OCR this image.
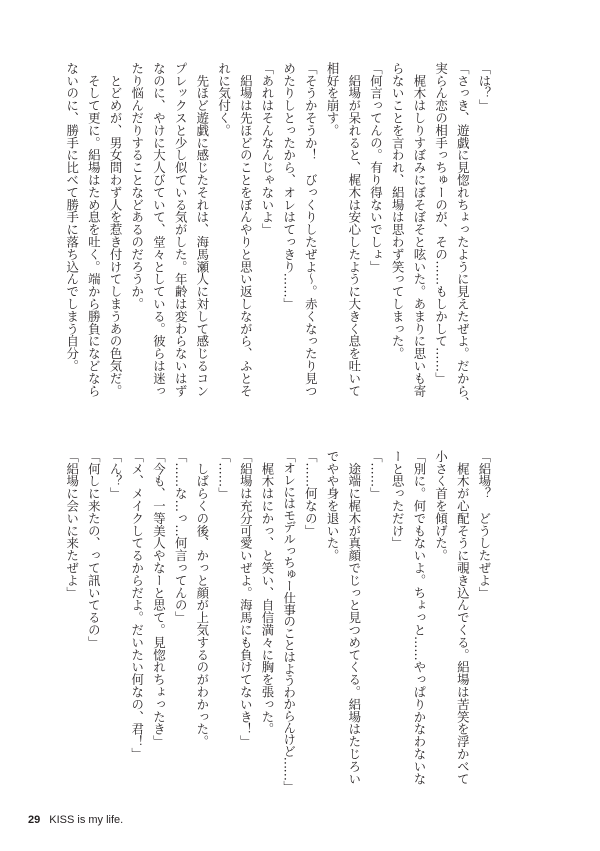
「は？」

「さっき、遊戯に見惚れちょったように見えたぜよ。だから、

実らん恋の相手っちゅーのが、その……もしかして……」

　梶木はしりすぼみにぼそぼそと呟いた。あまりに思いも寄

らないことを言われ、絽場は思わず笑ってしまった。

「何言ってんの。有り得ないでしょ」

　絽場が呆れると、梶木は安心したように大きく息を吐いて

相好を崩す。

「そうかそうか！　びっくりしたぜよ～。赤くなったり見つ

めたりしとったから、オレはてっきり……」

「あれはそんなんじゃないよ」

　絽場は先ほどのことをぼんやりと思い返しながら、ふとそ

れに気付く。

　先ほど遊戯に感じたそれは、海馬瀬人に対して感じるコン

プレックスと少し似ている気がした。年齢は変わらないはず

なのに、やけに大人びていて、堂々としている。彼らは迷っ

たり悩んだりすることなどあるのだろうか。

　とどめが、男女問わず人を惹き付けてしまうあの色気だ。

　そして更に。絽場はため息を吐く。端から勝負になどなら

ないのに、勝手に比べて勝手に落ち込んでしまう自分。

「絽場？　どうしたぜよ」

　梶木が心配そうに覗き込んでくる。絽場は苦笑を浮かべて

小さく首を傾げた。

「別に。何でもないよ。ちょっと……やっぱりかなわないな

ーと思っただけ」

「……」

　途端に梶木が真顔でじっと見つめてくる。絽場はたじろい

でやや身を退いた。

「……何なの」

「オレにはモデルっちゅー仕事のことはようわからんけど……」

　梶木はにかっ、と笑い、自信満々に胸を張った。

「絽場は充分可愛いぜよ。海馬にも負けてないき！」

「……」

　しばらくの後、かっと顔が上気するのがわかった。

「……な…っ…何言ってんの」

「今も、一等美人やなーと思て。見惚れちょったき」

「メ、メイクしてるからだよ。だいたい何なの、君！」

「ん？」

「何しに来たの、って訊いてるの」

「絽場に会いに来たぜよ」

29 KISS is my life.
